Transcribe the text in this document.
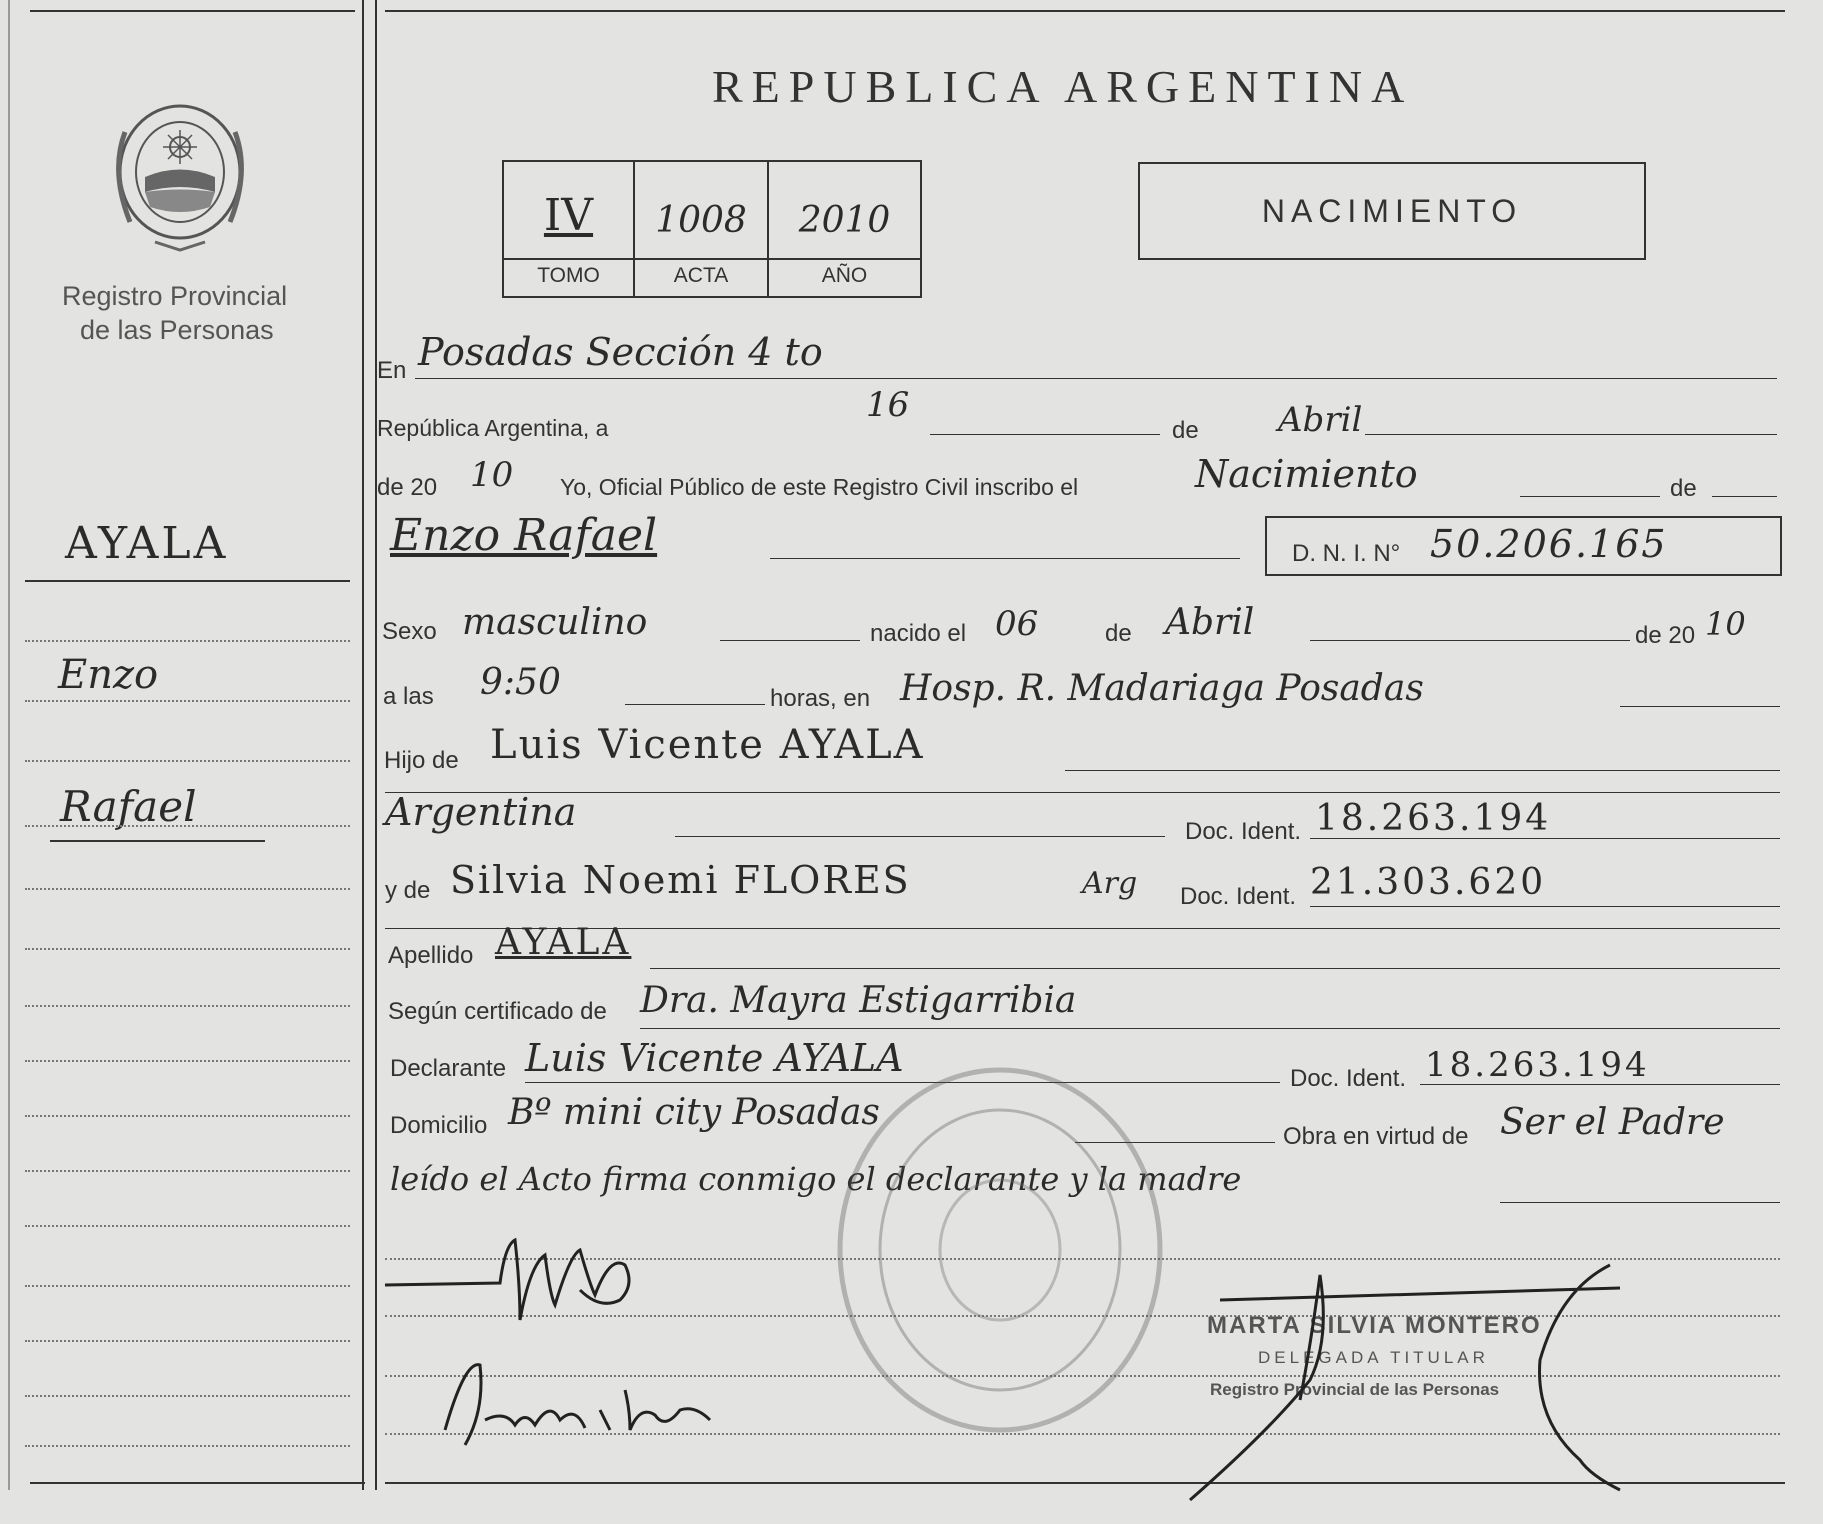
Registro Provincial
de las Personas
AYALA
Enzo
Rafael
REPUBLICA ARGENTINA
IV	1008	2010
TOMO	ACTA	AÑO
NACIMIENTO
En Posadas Sección 4 to
República Argentina, a
16
de Abril
de 20 10 Yo, Oficial Público de este Registro Civil inscribo el	Nacimiento	de
Enzo Rafael	D. N. I. N° 50.206.165
Sexo masculino	nacido el 06	de Abril	de 20 10
a las 9:50	horas, en Hosp. R. Madariaga Posadas
Hijo de Luis Vicente AYALA
Argentina	Doc. Ident. 18.263.194
y de Silvia Noemi FLORES	Arg Doc. Ident. 21.303.620
Apellido AYALA
Según certificado de Dra. Mayra Estigarribia
Declarante Luis Vicente AYALA	Doc. Ident. 18.263.194
Domicilio Bº mini city Posadas
Obra en virtud de Ser el Padre
leído el Acto firma conmigo el declarante y la madre
MARTA SILVIA MONTERO
DELEGADA TITULAR
Registro Provincial de las Personas
